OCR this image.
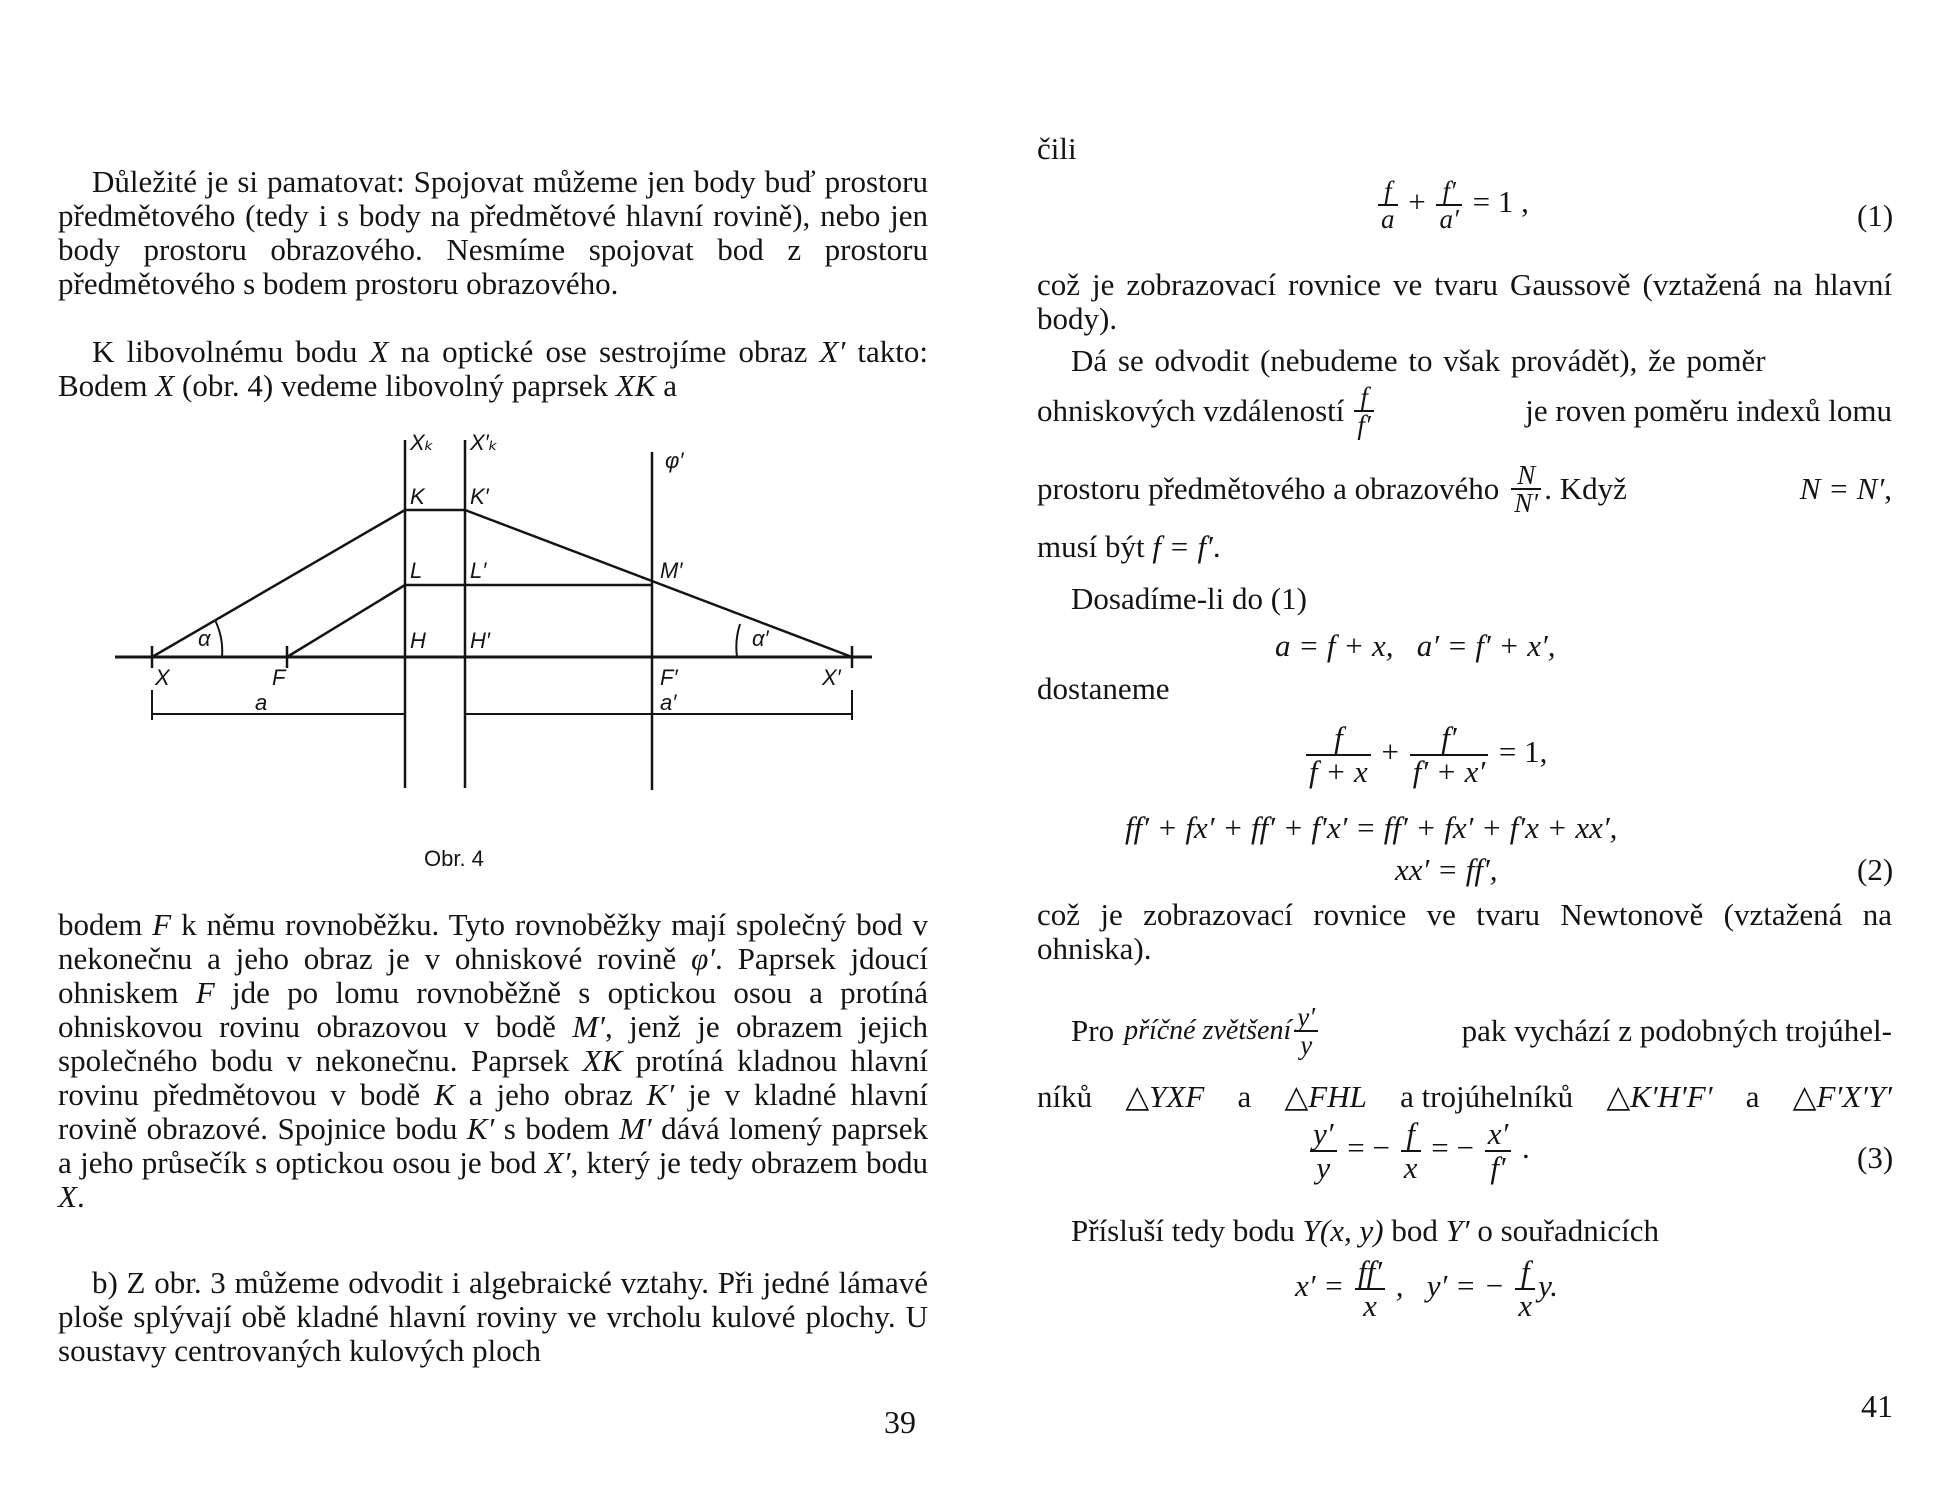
Důležité je si pamatovat: Spojovat můžeme jen body buď prostoru předmětového (tedy i s body na předmětové hlavní rovině), nebo jen body prostoru obrazového. Nesmíme spojovat bod z prostoru předmětového s bodem prostoru obrazového.

K libovolnému bodu X na optické ose sestrojíme obraz X′ takto: Bodem X (obr. 4) vedeme libovolný paprsek XK a

Xₖ X′ₖ
φ′
K K′
L L′	M′
H H′
α	α′
X	F	F′	X′
a	a′
Obr. 4

bodem F k němu rovnoběžku. Tyto rovnoběžky mají společný bod v nekonečnu a jeho obraz je v ohniskové rovině φ′. Paprsek jdoucí ohniskem F jde po lomu rovnoběžně s optickou osou a protíná ohniskovou rovinu obrazovou v bodě M′, jenž je obrazem jejich společného bodu v nekonečnu. Paprsek XK protíná kladnou hlavní rovinu předmětovou v bodě K a jeho obraz K′ je v kladné hlavní rovině obrazové. Spojnice bodu K′ s bodem M′ dává lomený paprsek a jeho průsečík s optickou osou je bod X′, který je tedy obrazem bodu X.

b) Z obr. 3 můžeme odvodit i algebraické vztahy. Při jedné lámavé ploše splývají obě kladné hlavní roviny ve vrcholu kulové plochy. U soustavy centrovaných kulových ploch

39
čili
$\frac{f}{a} + \frac{f'}{a'} = 1$ ,	(1)

což je zobrazovací rovnice ve tvaru Gaussově (vztažená na hlavní body).

Dá se odvodit (nebudeme to však provádět), že poměr
ohniskových vzdáleností $\frac{f}{f'}$	je roven poměru indexů lomu
prostoru předmětového a obrazového $\frac{N}{N'}$ . Když	N = N′,
musí být f = f′.
Dosadíme-li do (1)
a = f + x,   a′ = f′ + x′,
dostaneme
$\frac{f}{f + x} + \frac{f'}{f' + x'} = 1$,
ff′ + fx′ + ff′ + f′x′ = ff′ + fx′ + f′x + xx′,
xx′ = ff′,	(2)

což je zobrazovací rovnice ve tvaru Newtonově (vztažená na ohniska).

Pro příčné zvětšení $\frac{y'}{y}$	pak vychází z podobných trojúhel-
níků △YXF a △FHL a trojúhelníků △K′H′F′ a △F′X′Y′
$\frac{y'}{y}$ = − $\frac{f}{x}$ = − $\frac{x'}{f'}$ .	(3)
Přísluší tedy bodu Y(x, y) bod Y′ o souřadnicích
$x' = \frac{ff'}{x}$ ,   y′ = − $\frac{f}{x} y$.
41
